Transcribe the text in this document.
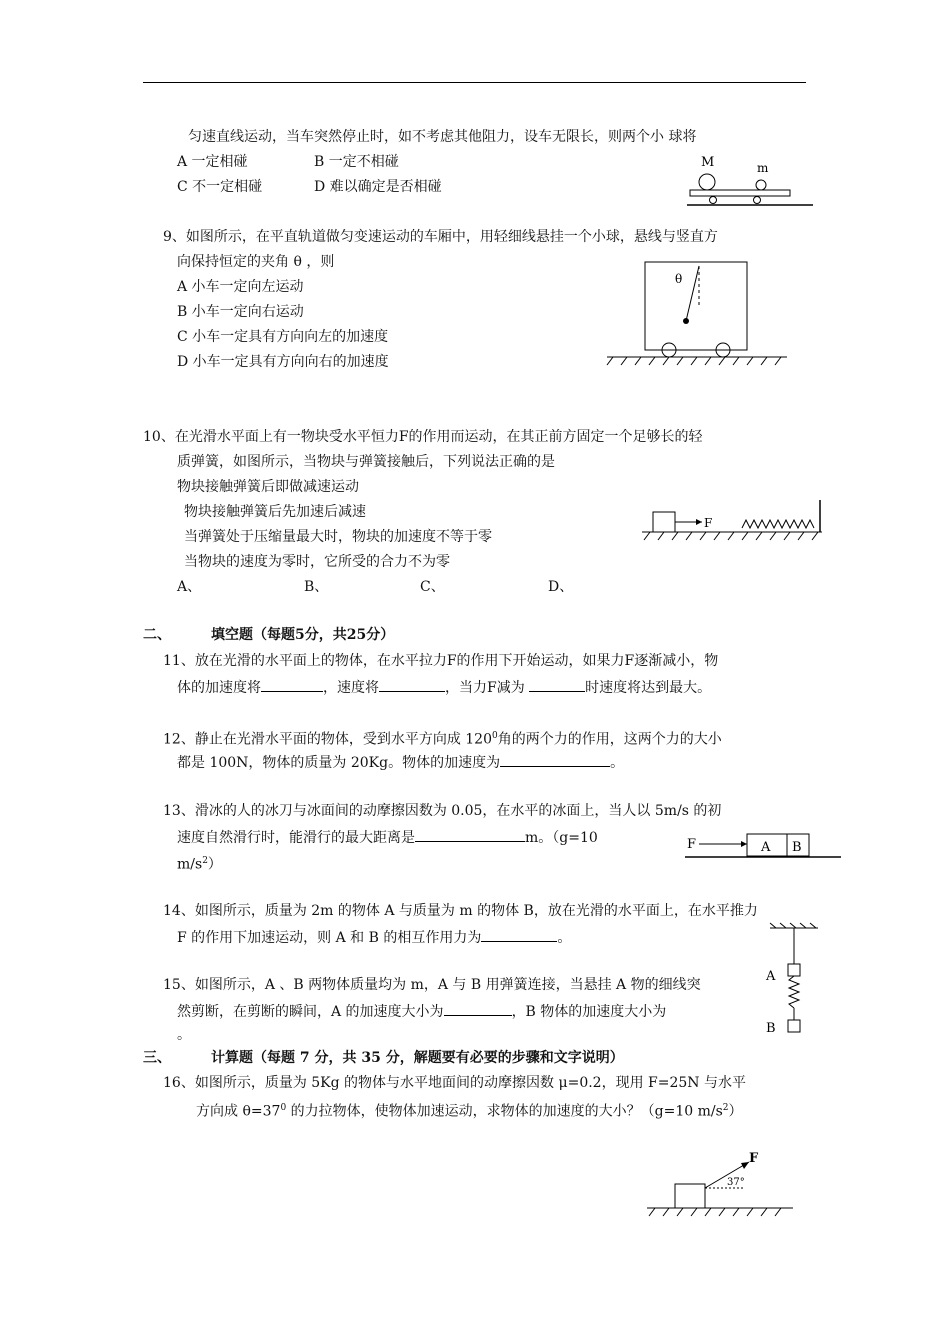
匀速直线运动，当车突然停止时，如不考虑其他阻力，设车无限长，则两个小 球将
A 一定相碰	B 一定不相碰
C 不一定相碰	D 难以确定是否相碰
M	m
9、如图所示，在平直轨道做匀变速运动的车厢中，用轻细线悬挂一个小球，悬线与竖直方
向保持恒定的夹角 θ ，则
A 小车一定向左运动
B 小车一定向右运动
C 小车一定具有方向向左的加速度
D 小车一定具有方向向右的加速度
θ
10、在光滑水平面上有一物块受水平恒力F的作用而运动，在其正前方固定一个足够长的轻
质弹簧，如图所示，当物块与弹簧接触后，下列说法正确的是
物块接触弹簧后即做减速运动
物块接触弹簧后先加速后减速
当弹簧处于压缩量最大时，物块的加速度不等于零
当物块的速度为零时，它所受的合力不为零
A、	B、	C、	D、
F
二、	填空题（每题5分，共25分）
11、放在光滑的水平面上的物体，在水平拉力F的作用下开始运动，如果力F逐渐减小，物
体的加速度将	，速度将	，当力F减为	时速度将达到最大。
12、静止在光滑水平面的物体，受到水平方向成 $120^0$角的两个力的作用，这两个力的大小
都是 100N，物体的质量为 20Kg。物体的加速度为	。
13、滑冰的人的冰刀与冰面间的动摩擦因数为 0.05，在水平的冰面上，当人以 5m/s 的初
速度自然滑行时，能滑行的最大距离是	m。（g=10
$m/s^2$）
F	A B
14、如图所示，质量为 2m 的物体 A 与质量为 m 的物体 B，放在光滑的水平面上，在水平推力
F 的作用下加速运动，则 A 和 B 的相互作用力为	。
A
B
15、如图所示，A 、B 两物体质量均为 m，A 与 B 用弹簧连接，当悬挂 A 物的细线突
然剪断，在剪断的瞬间，A 的加速度大小为	，B 物体的加速度大小为
。
三、	计算题（每题 7 分，共 35 分，解题要有必要的步骤和文字说明）
16、如图所示，质量为 5Kg 的物体与水平地面间的动摩擦因数 μ=0.2，现用 F=25N 与水平
方向成 $\theta=37^0$ 的力拉物体，使物体加速运动，求物体的加速度的大小？（g=10 $m/s^2$）
F
37°
